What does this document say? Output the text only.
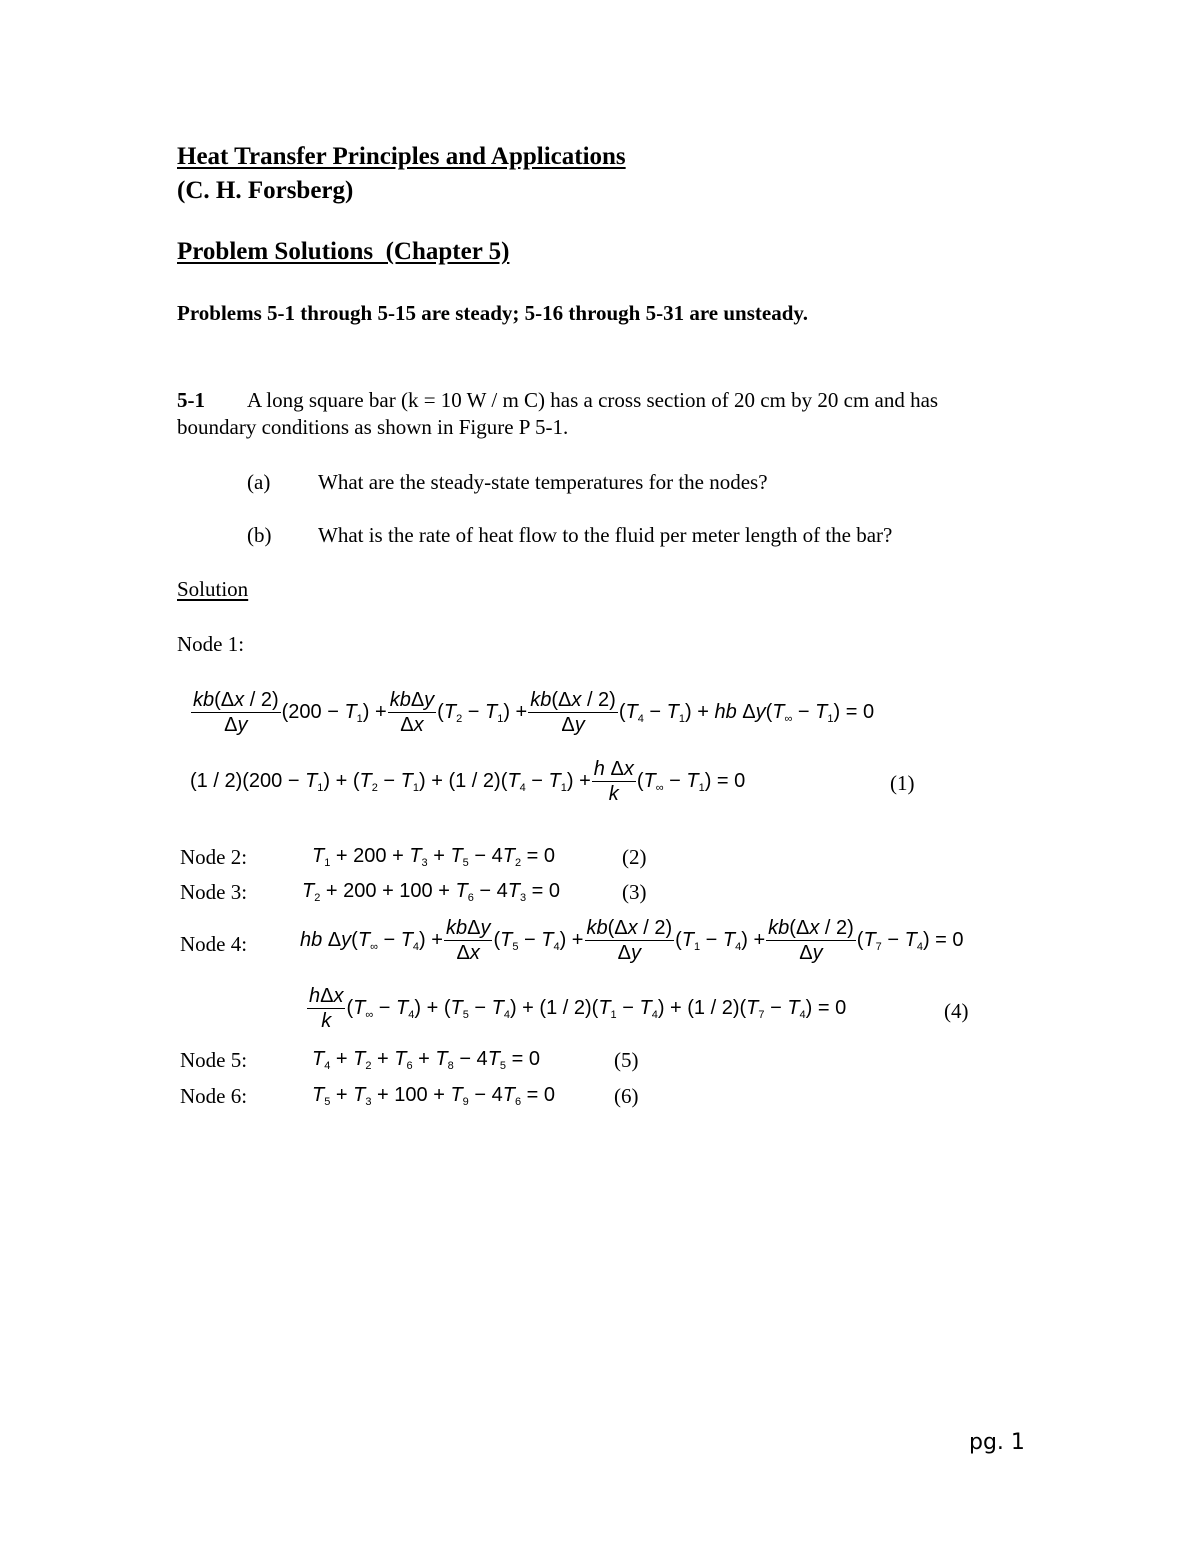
Heat Transfer Principles and Applications
(C. H. Forsberg)
Problem Solutions  (Chapter 5)
Problems 5-1 through 5-15 are steady; 5-16 through 5-31 are unsteady.
5-1 A long square bar (k = 10 W / m C) has a cross section of 20 cm by 20 cm and has
boundary conditions as shown in Figure P 5-1.
(a) What are the steady-state temperatures for the nodes?
(b) What is the rate of heat flow to the fluid per meter length of the bar?
Solution
Node 1:
$\frac{kb(\Delta x / 2)}{\Delta y} (200 - T_1) + \frac{\text{kbΔy}}{\Delta x} (T_2 - T_1) + \frac{kb(\Delta x / 2)}{\Delta y} (T_4 - T_1)$ + hb $\Delta y(T_\infty - T_1) = 0$
$(1 / 2)(200 - T_1) + (T_2 - T_1) + (1 / 2)(T_4 - T_1) + \frac{\text{h Δx}}{k} (T_\infty - T_1) = 0$	(1)
Node 2:	$T_1 + 200 + T_3 + T_5 - 4T_2 = 0$	(2)
Node 3:	$T_2 + 200 + 100 + T_6 - 4T_3 = 0$	(3)
Node 4:	hb $\Delta y(T_\infty - T_4) + \frac{\text{kbΔy}}{\Delta x} (T_5 - T_4) + \frac{kb(\Delta x / 2)}{\Delta y} (T_1 - T_4) + \frac{kb(\Delta x / 2)}{\Delta y} (T_7 - T_4) = 0$
$\frac{\text{hΔx}}{k} (T_\infty - T_4) + (T_5 - T_4) + (1 / 2)(T_1 - T_4) + (1 / 2)(T_7 - T_4) = 0$	(4)
Node 5:	$T_4 + T_2 + T_6 + T_8 - 4T_5 = 0$	(5)
Node 6:	$T_5 + T_3 + 100 + T_9 - 4T_6 = 0$	(6)
pg. 1
